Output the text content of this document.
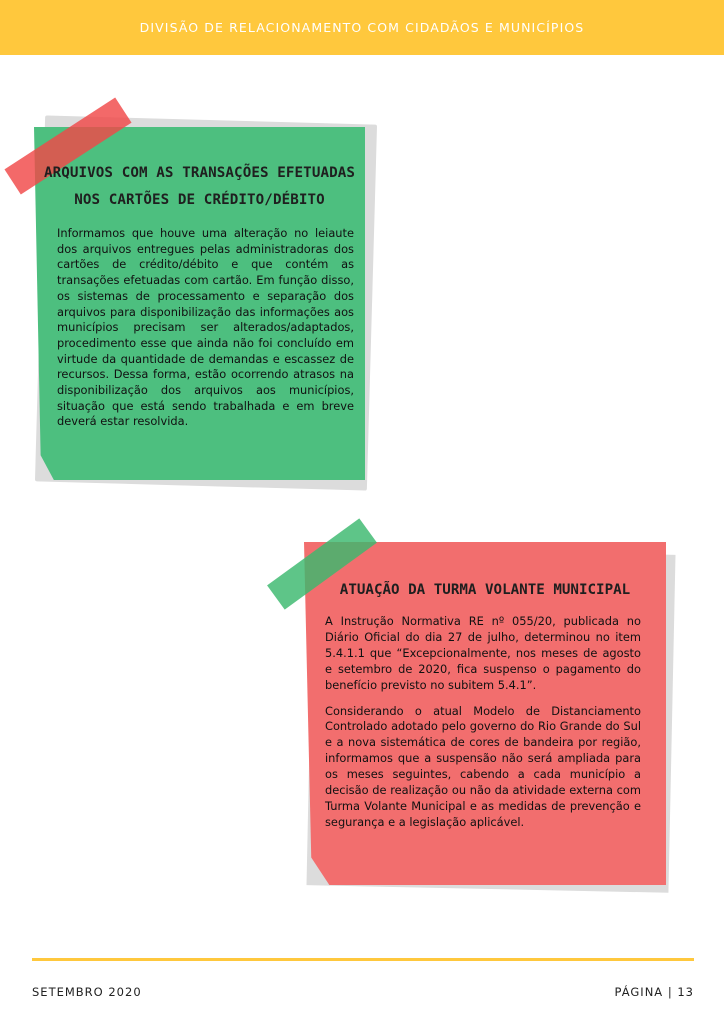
DIVISÃO DE RELACIONAMENTO COM CIDADÃOS E MUNICÍPIOS
ARQUIVOS COM AS TRANSAÇÕES EFETUADAS
NOS CARTÕES DE CRÉDITO/DÉBITO
Informamos que houve uma alteração no leiaute dos arquivos entregues pelas administradoras dos cartões de crédito/débito e que contém as transações efetuadas com cartão. Em função disso, os sistemas de processamento e separação dos arquivos para disponibilização das informações aos municípios precisam ser alterados/adaptados, procedimento esse que ainda não foi concluído em virtude da quantidade de demandas e escassez de recursos. Dessa forma, estão ocorrendo atrasos na disponibilização dos arquivos aos municípios, situação que está sendo trabalhada e em breve deverá estar resolvida.
ATUAÇÃO DA TURMA VOLANTE MUNICIPAL

A Instrução Normativa RE nº 055/20, publicada no Diário Oficial do dia 27 de julho, determinou no item 5.4.1.1 que “Excepcionalmente, nos meses de agosto e setembro de 2020, fica suspenso o pagamento do benefício previsto no subitem 5.4.1”.

Considerando o atual Modelo de Distanciamento Controlado adotado pelo governo do Rio Grande do Sul e a nova sistemática de cores de bandeira por região, informamos que a suspensão não será ampliada para os meses seguintes, cabendo a cada município a decisão de realização ou não da atividade externa com Turma Volante Municipal e as medidas de prevenção e segurança e a legislação aplicável.

SETEMBRO 2020	PÁGINA | 13
